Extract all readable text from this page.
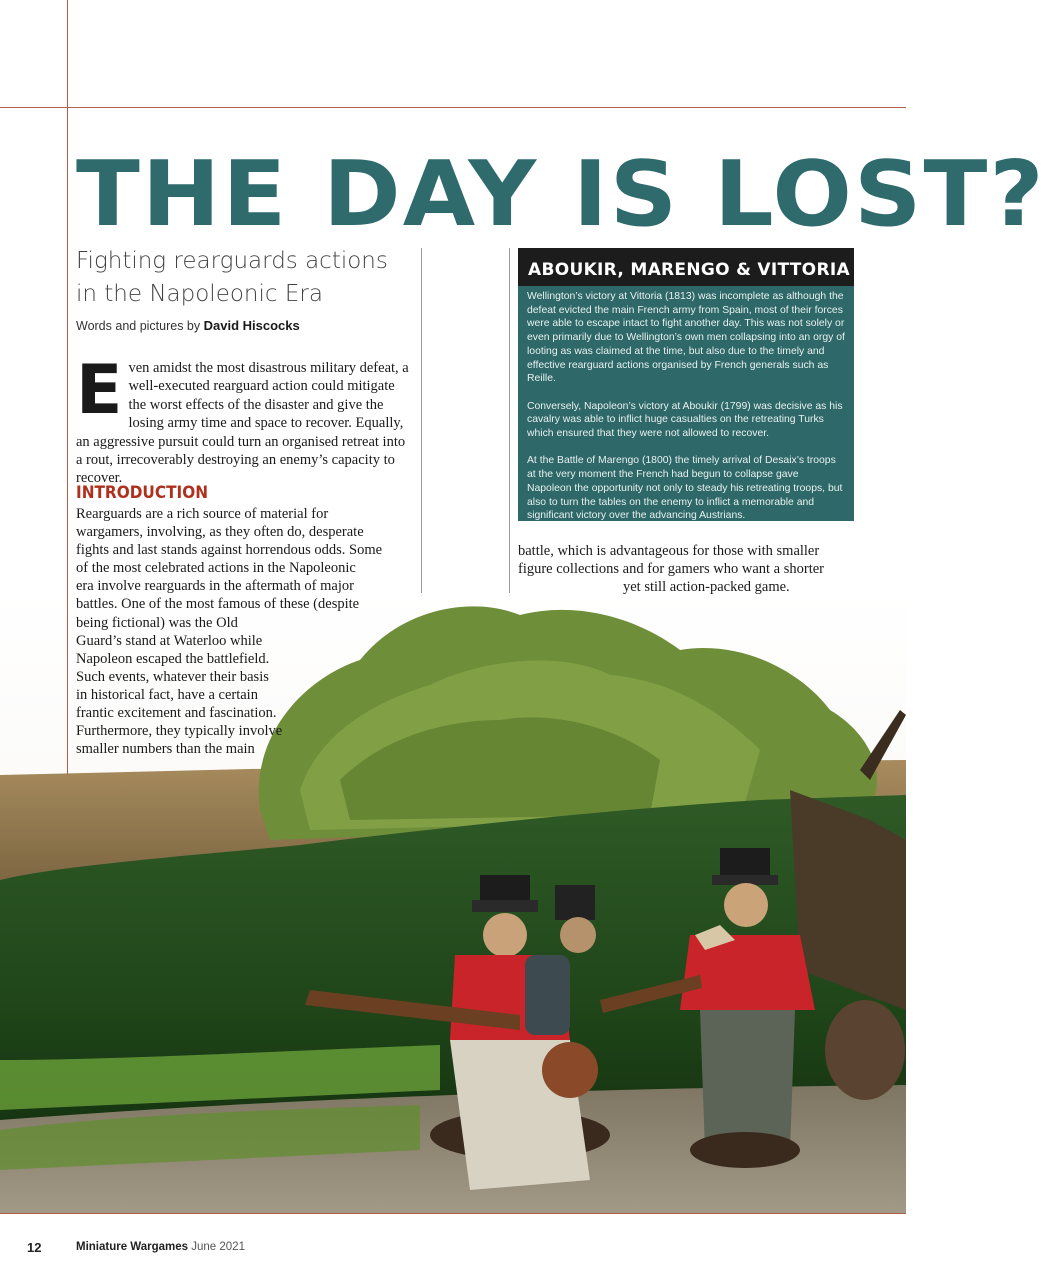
THE DAY IS LOST?
Fighting rearguards actions in the Napoleonic Era
Words and pictures by David Hiscocks

Even amidst the most disastrous military defeat, a well-executed rearguard action could mitigate the worst effects of the disaster and give the losing army time and space to recover. Equally, an aggressive pursuit could turn an organised retreat into a rout, irrecoverably destroying an enemy’s capacity to recover.

INTRODUCTION
Rearguards are a rich source of material for
wargamers, involving, as they often do, desperate
fights and last stands against horrendous odds. Some
of the most celebrated actions in the Napoleonic
era involve rearguards in the aftermath of major
battles. One of the most famous of these (despite
being fictional) was the Old
Guard’s stand at Waterloo while
Napoleon escaped the battlefield.
Such events, whatever their basis
in historical fact, have a certain
frantic excitement and fascination.
Furthermore, they typically involve
smaller numbers than the main
ABOUKIR, MARENGO & VITTORIA

Wellington’s victory at Vittoria (1813) was incomplete as although the defeat evicted the main French army from Spain, most of their forces were able to escape intact to fight another day. This was not solely or even primarily due to Wellington’s own men collapsing into an orgy of looting as was claimed at the time, but also due to the timely and effective rearguard actions organised by French generals such as Reille.

Conversely, Napoleon’s victory at Aboukir (1799) was decisive as his cavalry was able to inflict huge casualties on the retreating Turks which ensured that they were not allowed to recover.

At the Battle of Marengo (1800) the timely arrival of Desaix’s troops at the very moment the French had begun to collapse gave Napoleon the opportunity not only to steady his retreating troops, but also to turn the tables on the enemy to inflict a memorable and significant victory over the advancing Austrians.

battle, which is advantageous for those with smaller
figure collections and for gamers who want a shorter
yet still action-packed game.
12	Miniature Wargames June 2021
